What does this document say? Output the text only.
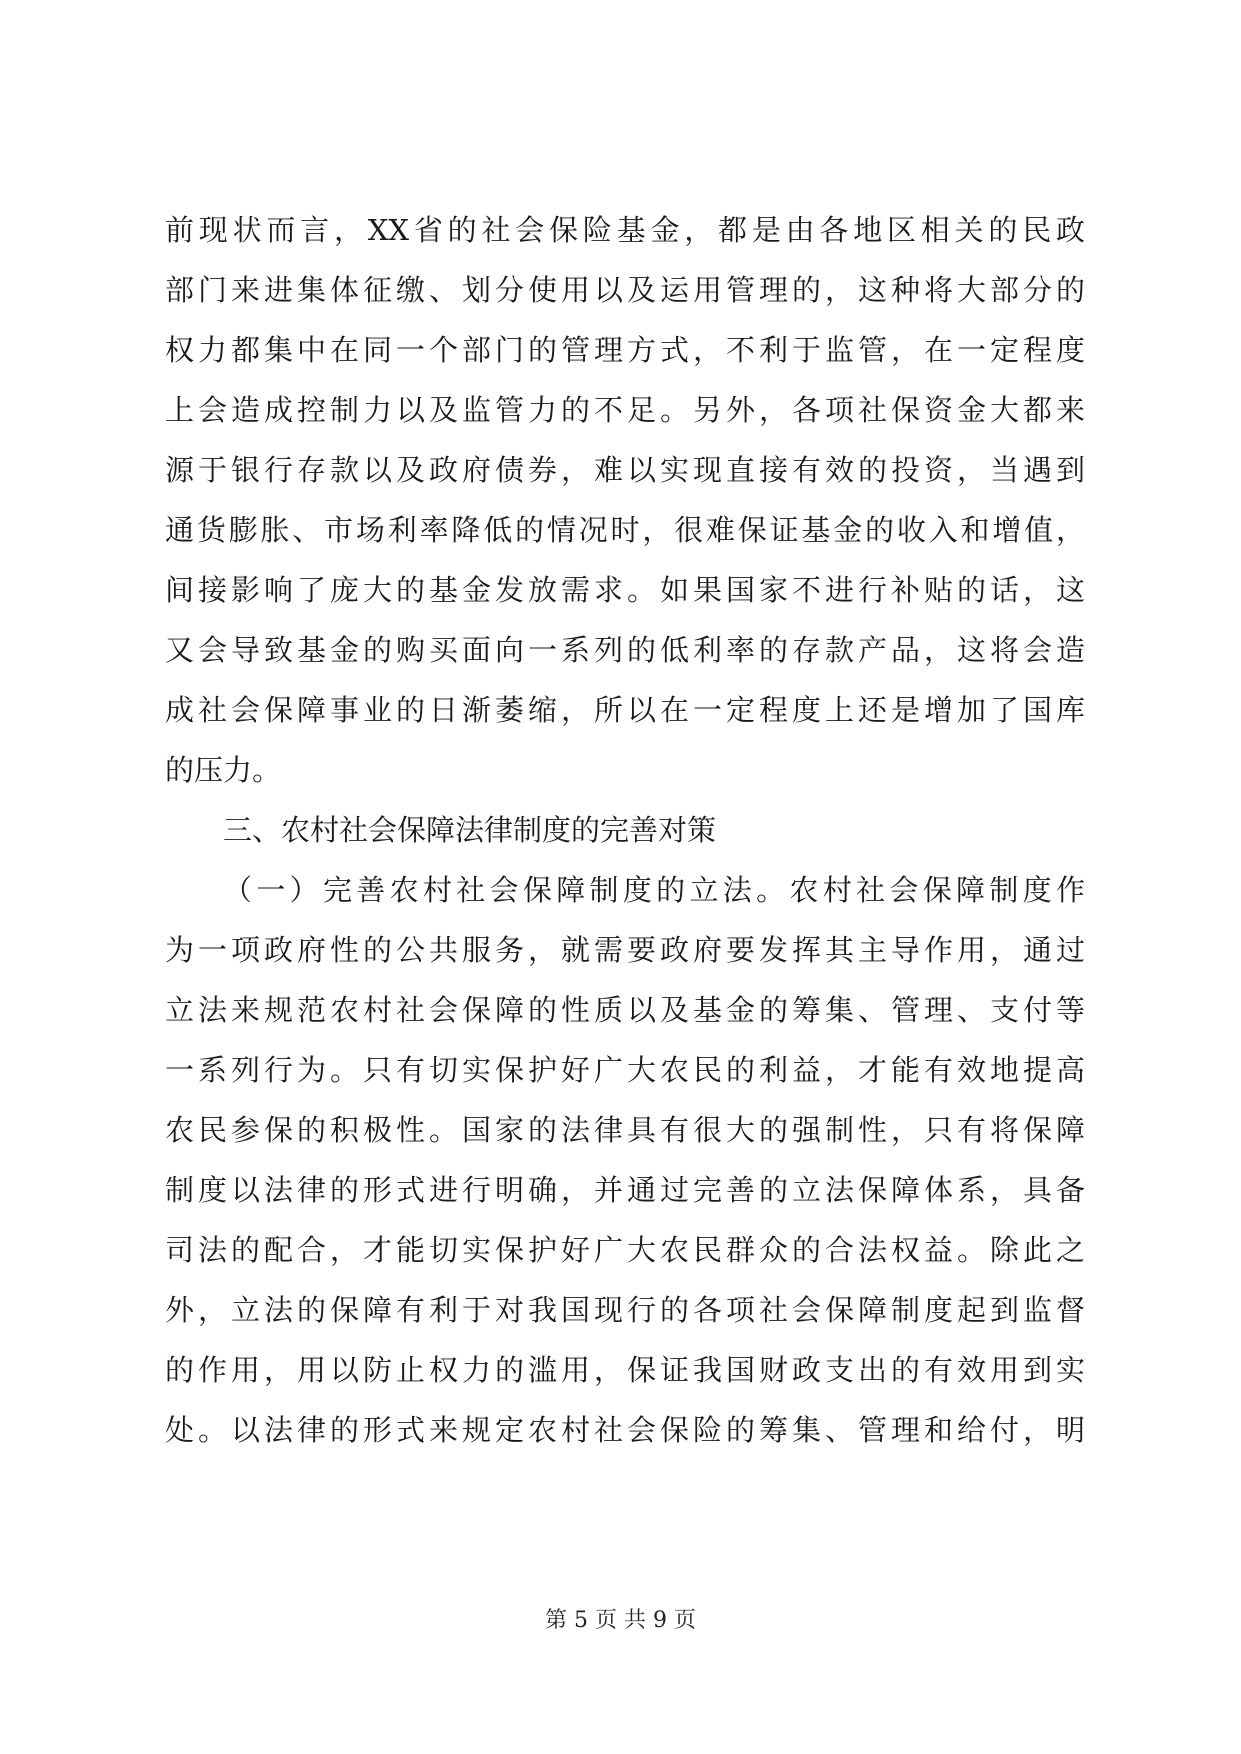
前现状而言，XX省的社会保险基金，都是由各地区相关的民政
部门来进集体征缴、划分使用以及运用管理的，这种将大部分的
权力都集中在同一个部门的管理方式，不利于监管，在一定程度
上会造成控制力以及监管力的不足。另外，各项社保资金大都来
源于银行存款以及政府债券，难以实现直接有效的投资，当遇到
通货膨胀、市场利率降低的情况时，很难保证基金的收入和增值，
间接影响了庞大的基金发放需求。如果国家不进行补贴的话，这
又会导致基金的购买面向一系列的低利率的存款产品，这将会造
成社会保障事业的日渐萎缩，所以在一定程度上还是增加了国库
的压力。
三、农村社会保障法律制度的完善对策
（一）完善农村社会保障制度的立法。农村社会保障制度作
为一项政府性的公共服务，就需要政府要发挥其主导作用，通过
立法来规范农村社会保障的性质以及基金的筹集、管理、支付等
一系列行为。只有切实保护好广大农民的利益，才能有效地提高
农民参保的积极性。国家的法律具有很大的强制性，只有将保障
制度以法律的形式进行明确，并通过完善的立法保障体系，具备
司法的配合，才能切实保护好广大农民群众的合法权益。除此之
外，立法的保障有利于对我国现行的各项社会保障制度起到监督
的作用，用以防止权力的滥用，保证我国财政支出的有效用到实
处。以法律的形式来规定农村社会保险的筹集、管理和给付，明
第 5 页 共 9 页
